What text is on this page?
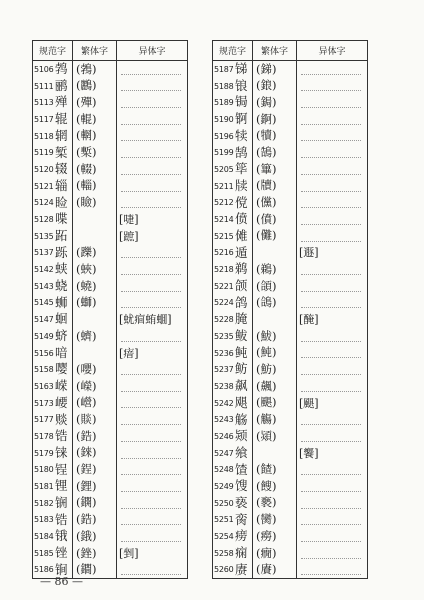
规范字	繁体字	异体字
5106 鹁 (鵓)
5111 鹂 (鸝)
5113 殚 (殫)
5117 辊 (輥)
5118 辋 (輞)
5119 椠 (槧)
5120 辍 (輟)
5121 辎 (輜)
5124 睑 (瞼)
5128 喋	[啑]
5135 跖	[蹠]
5137 跞 (躒)
5142 蛱 (蛺)
5143 蛲 (蟯)
5145 蛳 (螄)
5147 蛔	[蚘痐蛕蜖]
5149 蛴 (蠐)
5156 喑	[瘖]
5158 嘤 (嚶)
5163 嵘 (嶸)
5173 崾 (巆)
5177 赕 (賧)
5178 锆 (鋯)
5179 铼 (錸)
5180 锃 (鋥)
5181 锂 (鋰)
5182 锎 (鐦)
5183 锆 (鋯)
5184 锇 (鋨)
5185 锉 (銼) [剉]
5186 锏 (鐧)
规范字	繁体字	异体字
5187 锑 (銻)
5188 锒 (鋃)
5189 锔 (鋦)
5190 锕 (錒)
5196 犊 (犢)
5199 鹄 (鵠)
5205 筚 (篳)
5211 牍 (牘)
5212 傥 (儻)
5214 偾 (僨)
5215 傩 (儺)
5216 遁	[遯]
5218 鹈 (鵜)
5221 颌 (頜)
5224 鸽 (鴿)
5228 腌	[醃]
5235 鲅 (鮁)
5236 鲀 (魨)
5237 鲂 (魴)
5238 飙 (飆)
5242 飓 (颶) [颶]
5243 觞 (觴)
5246 颎 (熲)
5247 飨	[饗]
5248 馇 (餷)
5249 馊 (餿)
5250 亵 (褻)
5251 脔 (臠)
5254 痨 (癆)
5258 痫 (癇)
5260 赓 (賡)
— 86 —
